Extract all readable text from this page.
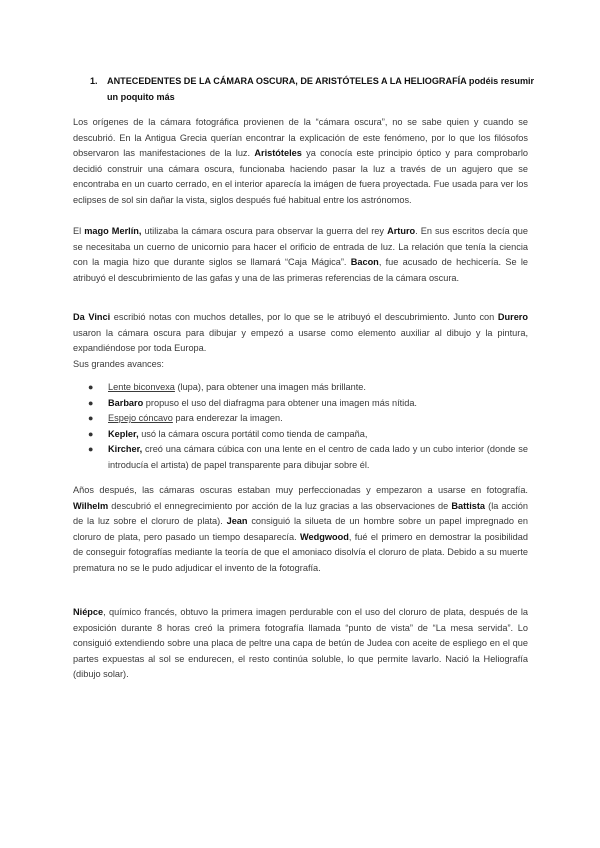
1.	ANTECEDENTES DE LA CÁMARA OSCURA, DE ARISTÓTELES A LA HELIOGRAFÍA podéis resumir un poquito más

Los orígenes de la cámara fotográfica provienen de la “cámara oscura”, no se sabe quien y cuando se descubrió. En la Antigua Grecia querían encontrar la explicación de este fenómeno, por lo que los filósofos observaron las manifestaciones de la luz. Aristóteles ya conocía este principio óptico y para comprobarlo decidió construir una cámara oscura, funcionaba haciendo pasar la luz a través de un agujero que se encontraba en un cuarto cerrado, en el interior aparecía la imágen de fuera proyectada. Fue usada para ver los eclipses de sol sin dañar la vista, siglos después fué habitual entre los astrónomos.

El mago Merlín, utilizaba la cámara oscura para observar la guerra del rey Arturo. En sus escritos decía que se necesitaba un cuerno de unicornio para hacer el orificio de entrada de luz. La relación que tenía la ciencia con la magia hizo que durante siglos se llamará “Caja Mágica”. Bacon, fue acusado de hechicería. Se le atribuyó el descubrimiento de las gafas y una de las primeras referencias de la cámara oscura.

Da Vinci escribió notas con muchos detalles, por lo que se le atribuyó el descubrimiento. Junto con Durero usaron la cámara oscura para dibujar y empezó a usarse como elemento auxiliar al dibujo y la pintura, expandiéndose por toda Europa.
Sus grandes avances:

● Lente biconvexa (lupa), para obtener una imagen más brillante.
● Barbaro propuso el uso del diafragma para obtener una imagen más nítida.
● Espejo cóncavo para enderezar la imagen.
● Kepler, usó la cámara oscura portátil como tienda de campaña,
● Kircher, creó una cámara cúbica con una lente en el centro de cada lado y un cubo interior (donde se introducía el artista) de papel transparente para dibujar sobre él.

Años después, las cámaras oscuras estaban muy perfeccionadas y empezaron a usarse en fotografía. Wilhelm descubrió el ennegrecimiento por acción de la luz gracias a las observaciones de Battista (la acción de la luz sobre el cloruro de plata). Jean consiguió la silueta de un hombre sobre un papel impregnado en cloruro de plata, pero pasado un tiempo desaparecía. Wedgwood, fué el primero en demostrar la posibilidad de conseguir fotografías mediante la teoría de que el amoniaco disolvía el cloruro de plata. Debido a su muerte prematura no se le pudo adjudicar el invento de la fotografía.

Niépce, químico francés, obtuvo la primera imagen perdurable con el uso del cloruro de plata, después de la exposición durante 8 horas creó la primera fotografía llamada “punto de vista” de “La mesa servida”. Lo consiguió extendiendo sobre una placa de peltre una capa de betún de Judea con aceite de espliego en el que partes expuestas al sol se endurecen, el resto continúa soluble, lo que permite lavarlo. Nació la Heliografía (dibujo solar).
